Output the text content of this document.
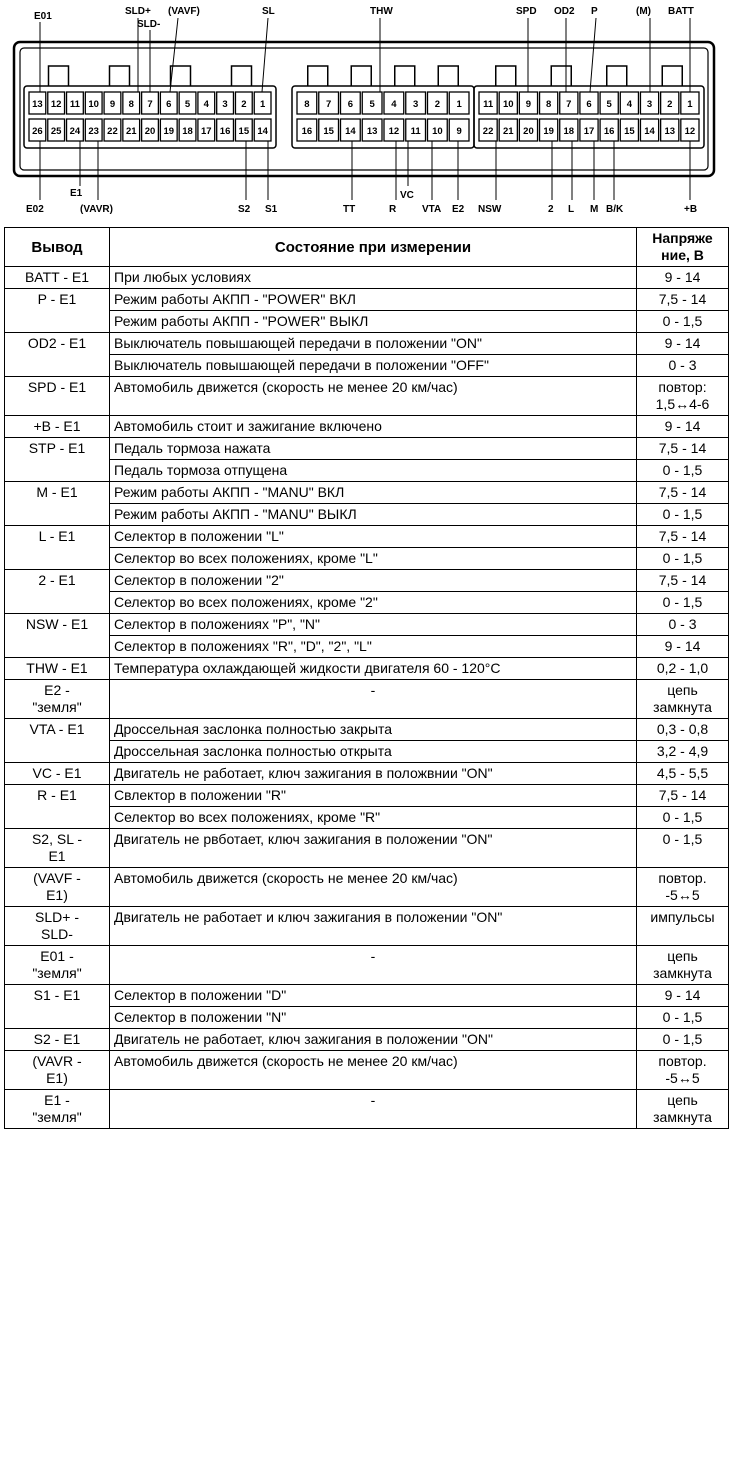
13 12 11 10 9 8 7 6 5 4 3 2 1
26 25 24 23 22 21 20 19 18 17 16 15 14
8 7 6 5 4 3 2 1
16 15 14 13 12 11 10 9
11 10 9 8 7 6 5 4 3 2 1
22 21 20 19 18 17 16 15 14 13 12
E01	SLD+
SLD-
(VAVF)	SL	THW	SPD OD2 P	(M) BATT
E02
E1
(VAVR)	S2 S1	TT
VC
R	VTA E2 NSW	2 L M B/K	+B
Вывод	Состояние при измерении	Напряже
ние, В
BATT - E1	При любых условиях	9 - 14
P - E1	Режим работы АКПП - "POWER" ВКЛ	7,5 - 14
	Режим работы АКПП - "POWER" ВЫКЛ	0 - 1,5
OD2 - E1	Выключатель повышающей передачи в положении "ON"	9 - 14
	Выключатель повышающей передачи в положении "OFF"	0 - 3
SPD - E1	Автомобиль движется (скорость не менее 20 км/час)	повтор:
1,5↔4-6
+B - E1	Автомобиль стоит и зажигание включено	9 - 14
STP - E1	Педаль тормоза нажата	7,5 - 14
	Педаль тормоза отпущена	0 - 1,5
M - E1	Режим работы АКПП - "MANU" ВКЛ	7,5 - 14
	Режим работы АКПП - "MANU" ВЫКЛ	0 - 1,5
L - E1	Селектор в положении "L"	7,5 - 14
	Селектор во всех положениях, кроме "L"	0 - 1,5
2 - E1	Селектор в положении "2"	7,5 - 14
	Селектор во всех положениях, кроме "2"	0 - 1,5
NSW - E1	Селектор в положениях "P", "N"	0 - 3
	Селектор в положениях "R", "D", "2", "L"	9 - 14
THW - E1	Температура охлаждающей жидкости двигателя 60 - 120°C	0,2 - 1,0
E2 -
"земля"	-	цепь
замкнута
VTA - E1	Дроссельная заслонка полностью закрыта	0,3 - 0,8
	Дроссельная заслонка полностью открыта	3,2 - 4,9
VC - E1	Двигатель не работает, ключ зажигания в положвнии "ON"	4,5 - 5,5
R - E1	Свлектор в положении "R"	7,5 - 14
	Селектор во всех положениях, кроме "R"	0 - 1,5
S2, SL -
E1	Двигатель не рвботает, ключ зажигания в положении "ON"	0 - 1,5
(VAVF -
E1)	Автомобиль движется (скорость не менее 20 км/час)	повтор.
-5↔5
SLD+ -
SLD-	Двигатель не работает и ключ зажигания в положении "ON"	импульсы
E01 -
"земля"	-	цепь
замкнута
S1 - E1	Селектор в положении "D"	9 - 14
	Селектор в положении "N"	0 - 1,5
S2 - E1	Двигатель не работает, ключ зажигания в положении "ON"	0 - 1,5
(VAVR -
E1)	Автомобиль движется (скорость не менее 20 км/час)	повтор.
-5↔5
E1 -
"земля"	-	цепь
замкнута
